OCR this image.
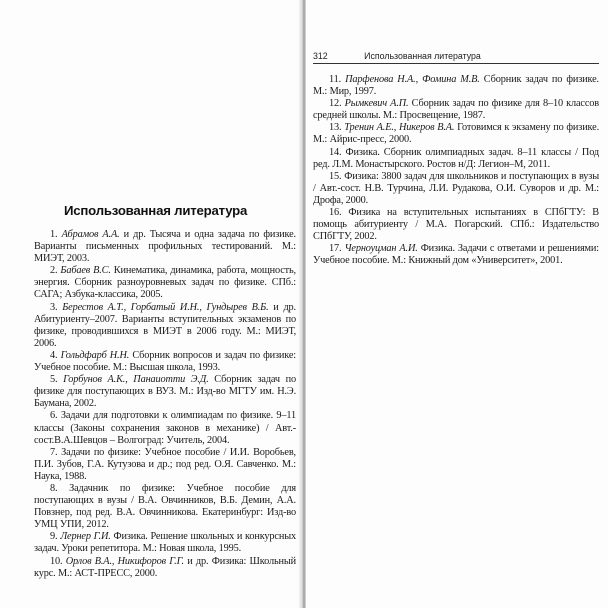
Использованная литература

1. Абрамов А.А. и др. Тысяча и одна задача по физике. Варианты письменных профильных тестирований. М.: МИЭТ, 2003.

2. Бабаев В.С. Кинематика, динамика, работа, мощность, энергия. Сборник разноуровневых задач по физике. СПб.: САГА; Азбука-классика, 2005.

3. Берестов А.Т., Горбатый И.Н., Гундырев В.Б. и др. Абитуриенту–2007. Варианты вступительных экзаменов по физике, проводившихся в МИЭТ в 2006 году. М.: МИЭТ, 2006.

4. Гольдфарб Н.Н. Сборник вопросов и задач по физике: Учебное пособие. М.: Высшая школа, 1993.

5. Горбунов А.К., Панаиотти Э.Д. Сборник задач по физике для поступающих в ВУЗ. М.: Изд-во МГТУ им. Н.Э. Баумана, 2002.

6. Задачи для подготовки к олимпиадам по физике. 9–11 классы (Законы сохранения законов в механике) / Авт.-сост.В.А.Шевцов – Волгоград: Учитель, 2004.

7. Задачи по физике: Учебное пособие / И.И. Воробьев, П.И. Зубов, Г.А. Кутузова и др.; под ред. О.Я. Савченко. М.: Наука, 1988.

8. Задачник по физике: Учебное пособие для поступающих в вузы / В.А. Овчинников, В.Б. Демин, А.А. Повзнер, под ред. В.А. Овчинникова. Екатеринбург: Изд-во УМЦ УПИ, 2012.

9. Лернер Г.И. Физика. Решение школьных и конкурсных задач. Уроки репетитора. М.: Новая школа, 1995.

10. Орлов В.А., Никифоров Г.Г. и др. Физика: Школьный курс. М.: АСТ-ПРЕСС, 2000.

312	Использованная литература

11. Парфенова Н.А., Фомина М.В. Сборник задач по физике. М.: Мир, 1997.

12. Рымкевич А.П. Сборник задач по физике для 8–10 классов средней школы. М.: Просвещение, 1987.

13. Тренин А.Е., Никеров В.А. Готовимся к экзамену по физике. М.: Айрис-пресс, 2000.

14. Физика. Сборник олимпиадных задач. 8–11 классы / Под ред. Л.М. Монастырского. Ростов н/Д: Легион–М, 2011.

15. Физика: 3800 задач для школьников и поступающих в вузы / Авт.-сост. Н.В. Турчина, Л.И. Рудакова, О.И. Суворов и др. М.: Дрофа, 2000.

16. Физика на вступительных испытаниях в СПбГТУ: В помощь абитуриенту / М.А. Погарский. СПб.: Издательство СПбГТУ, 2002.

17. Черноуцман А.И. Физика. Задачи с ответами и решениями: Учебное пособие. М.: Книжный дом «Университет», 2001.
